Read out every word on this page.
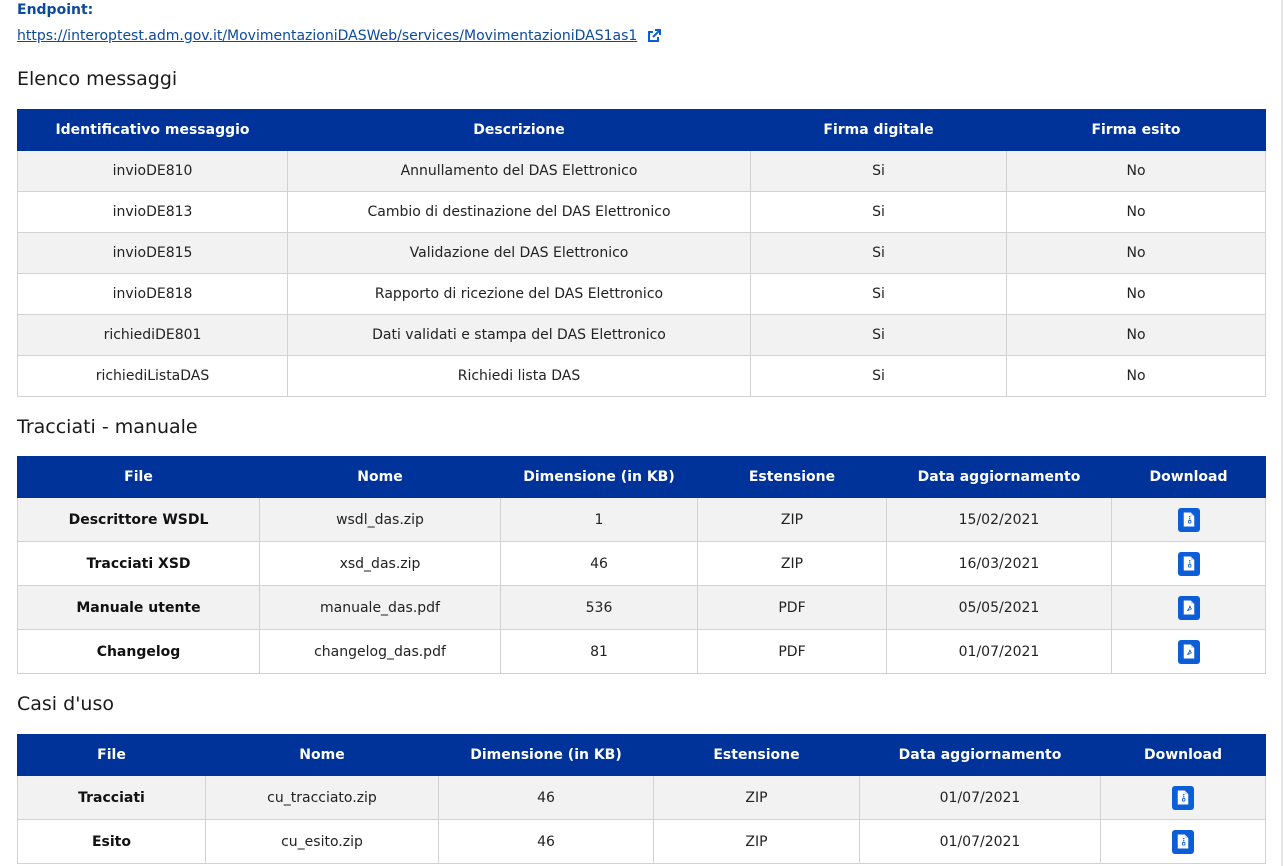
Endpoint:
https://interoptest.adm.gov.it/MovimentazioniDASWeb/services/MovimentazioniDAS1as1
Elenco messaggi
Identificativo messaggio	Descrizione	Firma digitale	Firma esito
invioDE810	Annullamento del DAS Elettronico	Si	No
invioDE813	Cambio di destinazione del DAS Elettronico	Si	No
invioDE815	Validazione del DAS Elettronico	Si	No
invioDE818	Rapporto di ricezione del DAS Elettronico	Si	No
richiediDE801	Dati validati e stampa del DAS Elettronico	Si	No
richiediListaDAS	Richiedi lista DAS	Si	No
Tracciati - manuale
File	Nome	Dimensione (in KB)	Estensione	Data aggiornamento	Download
Descrittore WSDL	wsdl_das.zip	1	ZIP	15/02/2021	

Tracciati XSD	xsd_das.zip	46	ZIP	16/03/2021	

Manuale utente	manuale_das.pdf	536	PDF	05/05/2021	

Changelog	changelog_das.pdf	81	PDF	01/07/2021	
Casi d'uso
File	Nome	Dimensione (in KB)	Estensione	Data aggiornamento	Download
Tracciati	cu_tracciato.zip	46	ZIP	01/07/2021	

Esito	cu_esito.zip	46	ZIP	01/07/2021	
